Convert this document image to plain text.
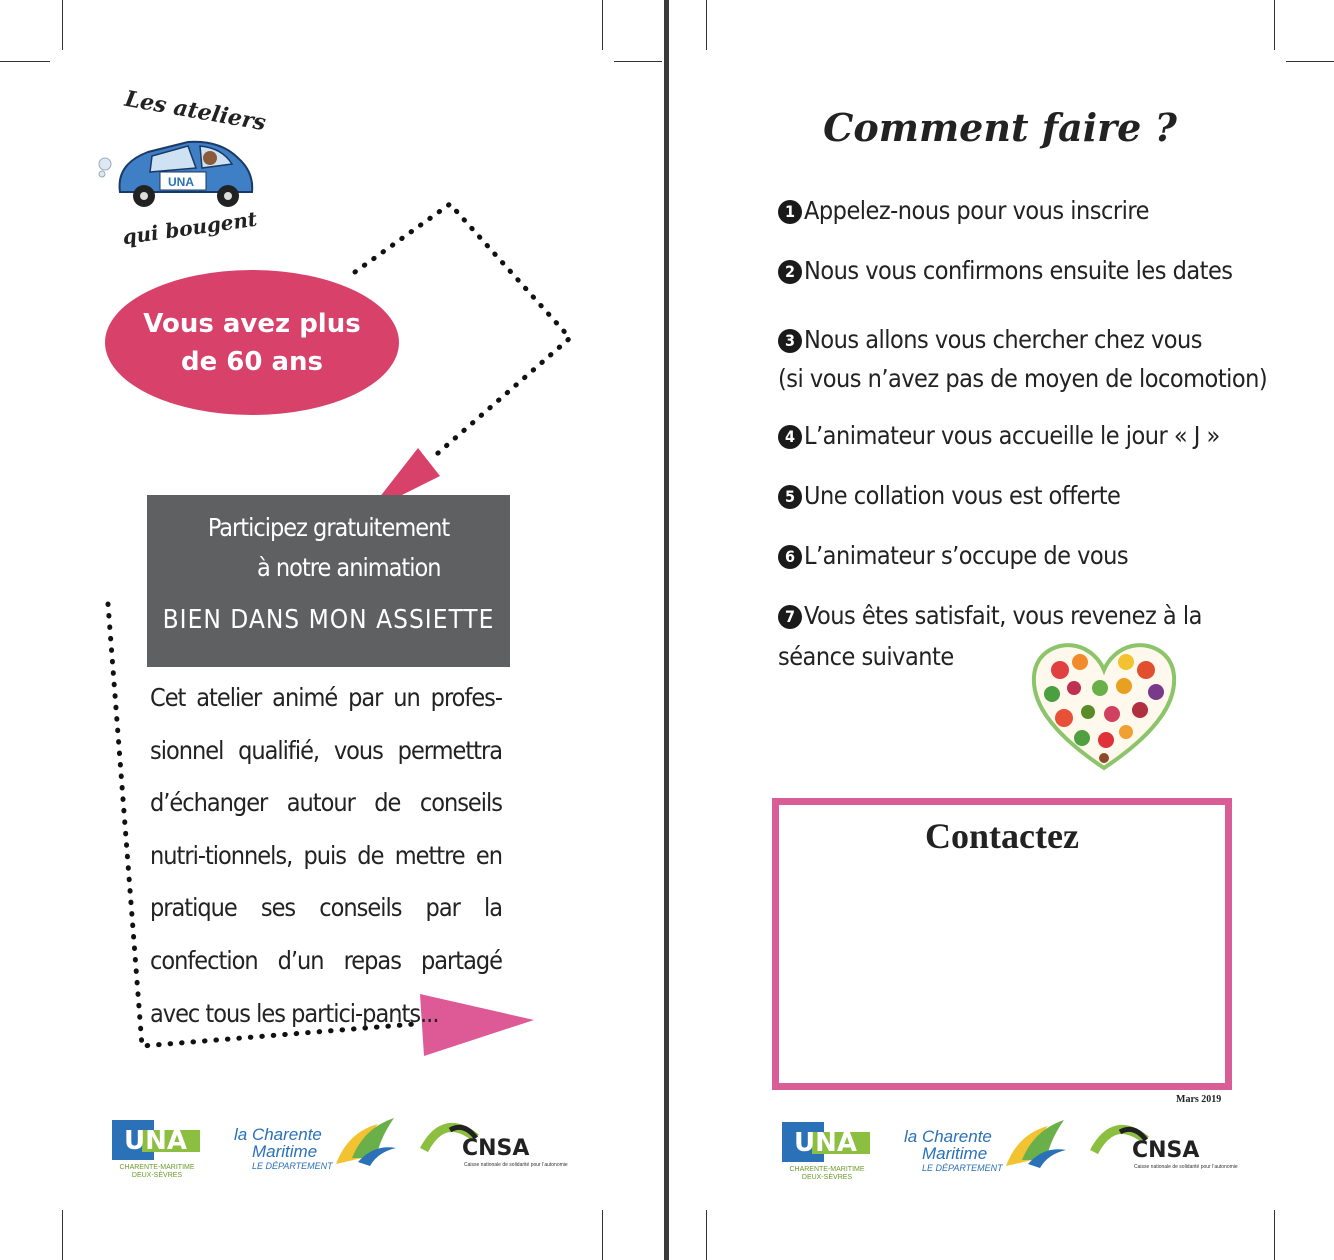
Les ateliers
UNA
qui bougent
Vous avez plus de 60 ans
Participez gratuitement
à notre animation
BIEN DANS MON ASSIETTE

Cet atelier animé par un profes-sionnel qualifié, vous permettra d’échanger autour de conseils nutri-tionnels, puis de mettre en pratique ses conseils par la confection d’un repas partagé avec tous les partici-pants...

Comment faire ?
1 Appelez-nous pour vous inscrire
2 Nous vous confirmons ensuite les dates
3 Nous allons vous chercher chez vous
(si vous n’avez pas de moyen de locomotion)
4 L’animateur vous accueille le jour « J »
5 Une collation vous est offerte
6 L’animateur s’occupe de vous
7 Vous êtes satisfait, vous revenez à la
séance suivante
Contactez
Mars 2019
UNA
CHARENTE-MARITIME
DEUX-SÈVRES
la Charente
Maritime
LE DÉPARTEMENT
CNSA
Caisse nationale de solidarité pour l’autonomie
UNA
CHARENTE-MARITIME
DEUX-SÈVRES
la Charente
Maritime
LE DÉPARTEMENT
CNSA
Caisse nationale de solidarité pour l’autonomie
